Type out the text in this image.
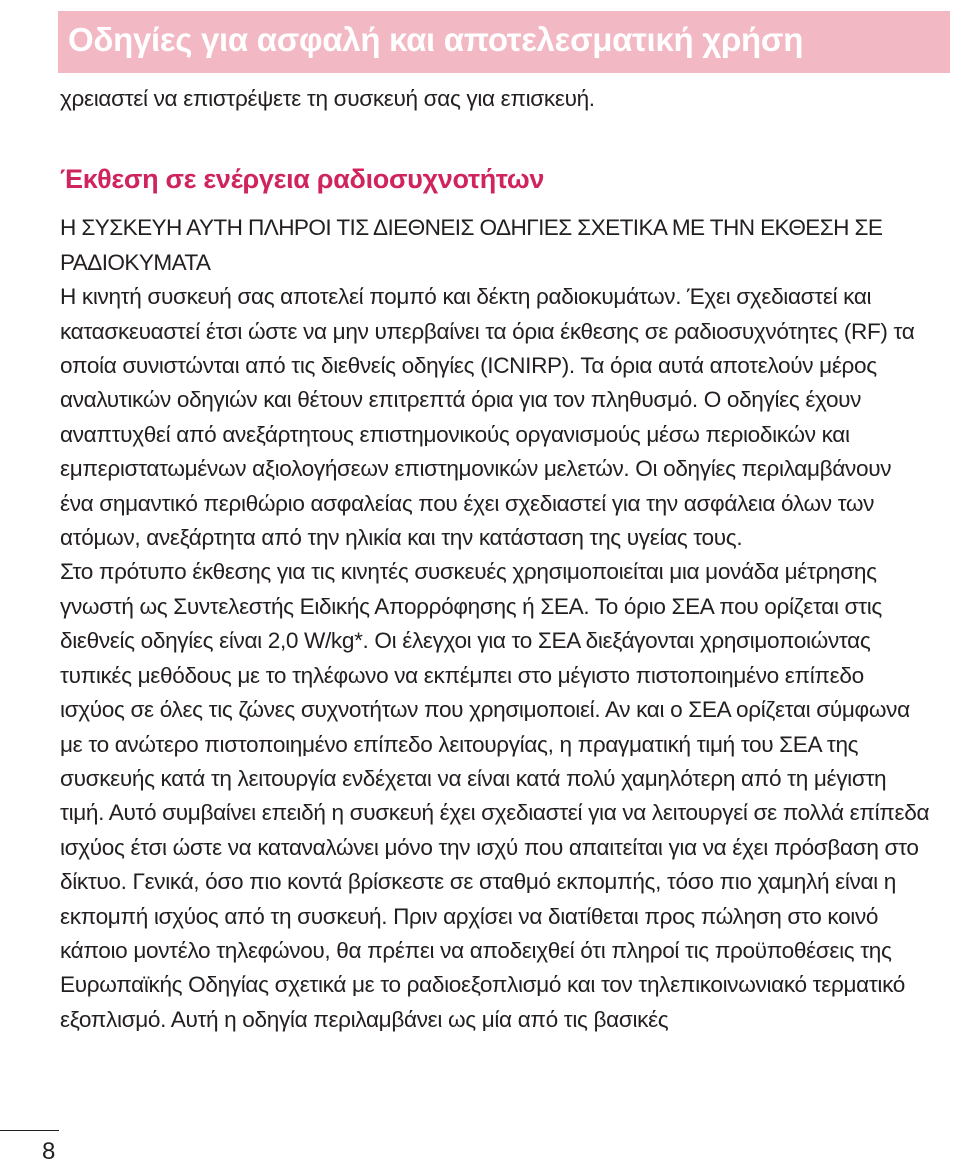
Οδηγίες για ασφαλή και αποτελεσματική χρήση

χρειαστεί να επιστρέψετε τη συσκευή σας για επισκευή.

Έκθεση σε ενέργεια ραδιοσυχνοτήτων

Η ΣΥΣΚΕΥΗ ΑΥΤΗ ΠΛΗΡΟΙ ΤΙΣ ΔΙΕΘΝΕΙΣ ΟΔΗΓΙΕΣ ΣΧΕΤΙΚΑ ΜΕ ΤΗΝ ΕΚΘΕΣΗ ΣΕ ΡΑΔΙΟΚΥΜΑΤΑ

Η κινητή συσκευή σας αποτελεί πομπό και δέκτη ραδιοκυμάτων. Έχει σχεδιαστεί και κατασκευαστεί έτσι ώστε να μην υπερβαίνει τα όρια έκθεσης σε ραδιοσυχνότητες (RF) τα οποία συνιστώνται από τις διεθνείς οδηγίες (ICNIRP). Τα όρια αυτά αποτελούν μέρος αναλυτικών οδηγιών και θέτουν επιτρεπτά όρια για τον πληθυσμό. Ο οδηγίες έχουν αναπτυχθεί από ανεξάρτητους επιστημονικούς οργανισμούς μέσω περιοδικών και εμπεριστατωμένων αξιολογήσεων επιστημονικών μελετών. Οι οδηγίες περιλαμβάνουν ένα σημαντικό περιθώριο ασφαλείας που έχει σχεδιαστεί για την ασφάλεια όλων των ατόμων, ανεξάρτητα από την ηλικία και την κατάσταση της υγείας τους.

Στο πρότυπο έκθεσης για τις κινητές συσκευές χρησιμοποιείται μια μονάδα μέτρησης γνωστή ως Συντελεστής Ειδικής Απορρόφησης ή ΣΕΑ. Το όριο ΣΕΑ που ορίζεται στις διεθνείς οδηγίες είναι 2,0 W/kg*. Οι έλεγχοι για το ΣΕΑ διεξάγονται χρησιμοποιώντας τυπικές μεθόδους με το τηλέφωνο να εκπέμπει στο μέγιστο πιστοποιημένο επίπεδο ισχύος σε όλες τις ζώνες συχνοτήτων που χρησιμοποιεί. Αν και ο ΣΕΑ ορίζεται σύμφωνα με το ανώτερο πιστοποιημένο επίπεδο λειτουργίας, η πραγματική τιμή του ΣΕΑ της συσκευής κατά τη λειτουργία ενδέχεται να είναι κατά πολύ χαμηλότερη από τη μέγιστη τιμή. Αυτό συμβαίνει επειδή η συσκευή έχει σχεδιαστεί για να λειτουργεί σε πολλά επίπεδα ισχύος έτσι ώστε να καταναλώνει μόνο την ισχύ που απαιτείται για να έχει πρόσβαση στο δίκτυο. Γενικά, όσο πιο κοντά βρίσκεστε σε σταθμό εκπομπής, τόσο πιο χαμηλή είναι η εκπομπή ισχύος από τη συσκευή. Πριν αρχίσει να διατίθεται προς πώληση στο κοινό κάποιο μοντέλο τηλεφώνου, θα πρέπει να αποδειχθεί ότι πληροί τις προϋποθέσεις της Ευρωπαϊκής Οδηγίας σχετικά με το ραδιοεξοπλισμό και τον τηλεπικοινωνιακό τερματικό εξοπλισμό. Αυτή η οδηγία περιλαμβάνει ως μία από τις βασικές

8
